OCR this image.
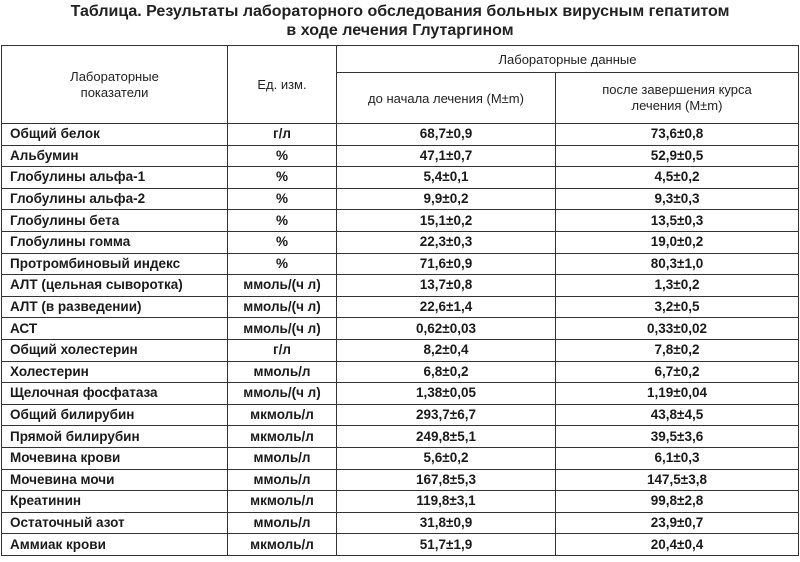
Таблица. Результаты лабораторного обследования больных вирусным гепатитом
в ходе лечения Глутаргином
Лабораторные показатели	Ед. изм.	Лабораторные данные	
		до начала лечения (M±m)	после завершения курса лечения (M±m)
Общий белок	г/л	68,7±0,9	73,6±0,8
Альбумин	%	47,1±0,7	52,9±0,5
Глобулины альфа-1	%	5,4±0,1	4,5±0,2
Глобулины альфа-2	%	9,9±0,2	9,3±0,3
Глобулины бета	%	15,1±0,2	13,5±0,3
Глобулины гомма	%	22,3±0,3	19,0±0,2
Протромбиновый индекс	%	71,6±0,9	80,3±1,0
АЛТ (цельная сыворотка)	ммоль/(ч л)	13,7±0,8	1,3±0,2
АЛТ (в разведении)	ммоль/(ч л)	22,6±1,4	3,2±0,5
АСТ	ммоль/(ч л)	0,62±0,03	0,33±0,02
Общий холестерин	г/л	8,2±0,4	7,8±0,2
Холестерин	ммоль/л	6,8±0,2	6,7±0,2
Щелочная фосфатаза	ммоль/(ч л)	1,38±0,05	1,19±0,04
Общий билирубин	мкмоль/л	293,7±6,7	43,8±4,5
Прямой билирубин	мкмоль/л	249,8±5,1	39,5±3,6
Мочевина крови	ммоль/л	5,6±0,2	6,1±0,3
Мочевина мочи	ммоль/л	167,8±5,3	147,5±3,8
Креатинин	мкмоль/л	119,8±3,1	99,8±2,8
Остаточный азот	ммоль/л	31,8±0,9	23,9±0,7
Аммиак крови	мкмоль/л	51,7±1,9	20,4±0,4
